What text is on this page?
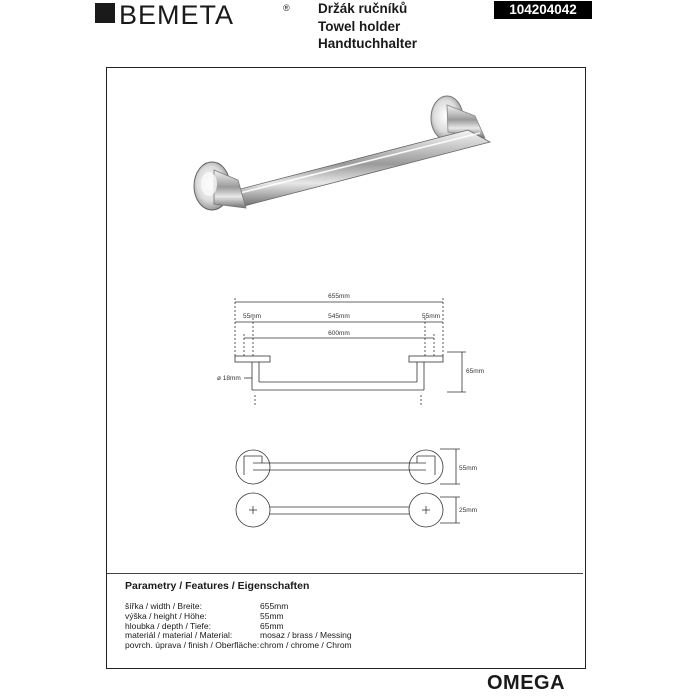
BEMETA	® Držák ručníků
Towel holder
Handtuchhalter
104204042
655mm
55mm	545mm	55mm
600mm
ø 18mm
65mm
55mm
25mm
Parametry / Features / Eigenschaften
šířka / width / Breite:	655mm
výška / height / Höhe:	55mm
hloubka / depth / Tiefe:	65mm
materiál / material / Material:	mosaz / brass / Messing
povrch. úprava / finish / Oberfläche: chrom / chrome / Chrom
OMEGA
